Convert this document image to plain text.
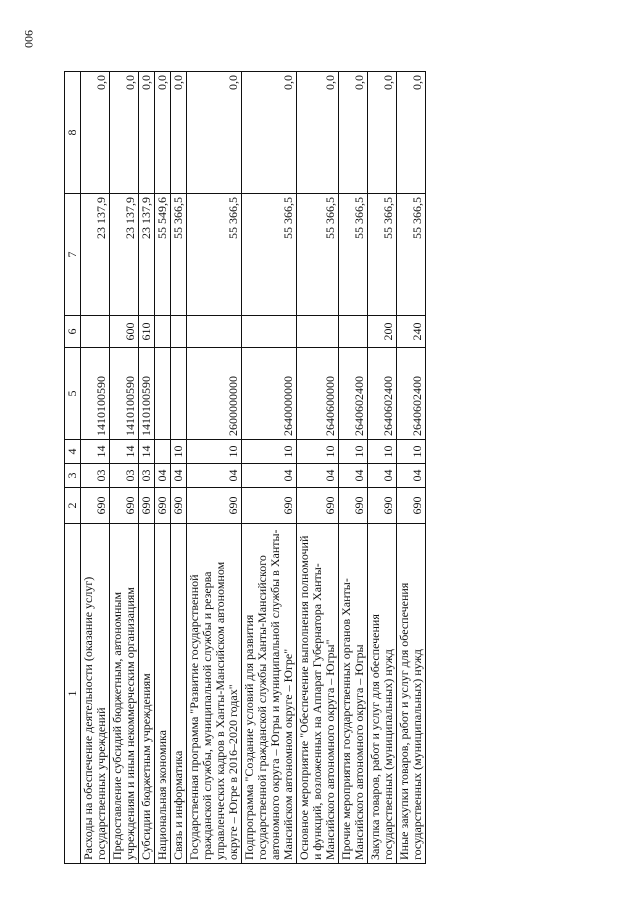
900
1	2	3	4	5	6	7	8
Расходы на обеспечение деятельности (оказание услуг) государственных учреждений	690	03	14	1410100590		23 137,9	0,0
Предоставление субсидий бюджетным, автономным учреждениям и иным некоммерческим организациям	690	03	14	1410100590	600	23 137,9	0,0
Субсидии бюджетным учреждениям	690	03	14	1410100590	610	23 137,9	0,0
Национальная экономика	690	04				55 549,6	0,0
Связь и информатика	690	04	10			55 366,5	0,0
Государственная программа "Развитие государственной гражданской службы, муниципальной службы и резерва управленческих кадров в Ханты-Мансийском автономном округе – Югре в 2016–2020 годах"	690	04	10	2600000000		55 366,5	0,0
Подпрограмма "Создание условий для развития государственной гражданской службы Ханты-Мансийского автономного округа – Югры и муниципальной службы в Ханты-Мансийском автономном округе – Югре"	690	04	10	2640000000		55 366,5	0,0
Основное мероприятие "Обеспечение выполнения полномочий и функций, возложенных на Аппарат Губернатора Ханты-Мансийского автономного округа – Югры"	690	04	10	2640600000		55 366,5	0,0
Прочие мероприятия государственных органов Ханты-Мансийского автономного округа – Югры	690	04	10	2640602400		55 366,5	0,0
Закупка товаров, работ и услуг для обеспечения государственных (муниципальных) нужд	690	04	10	2640602400	200	55 366,5	0,0
Иные закупки товаров, работ и услуг для обеспечения государственных (муниципальных) нужд	690	04	10	2640602400	240	55 366,5	0,0
